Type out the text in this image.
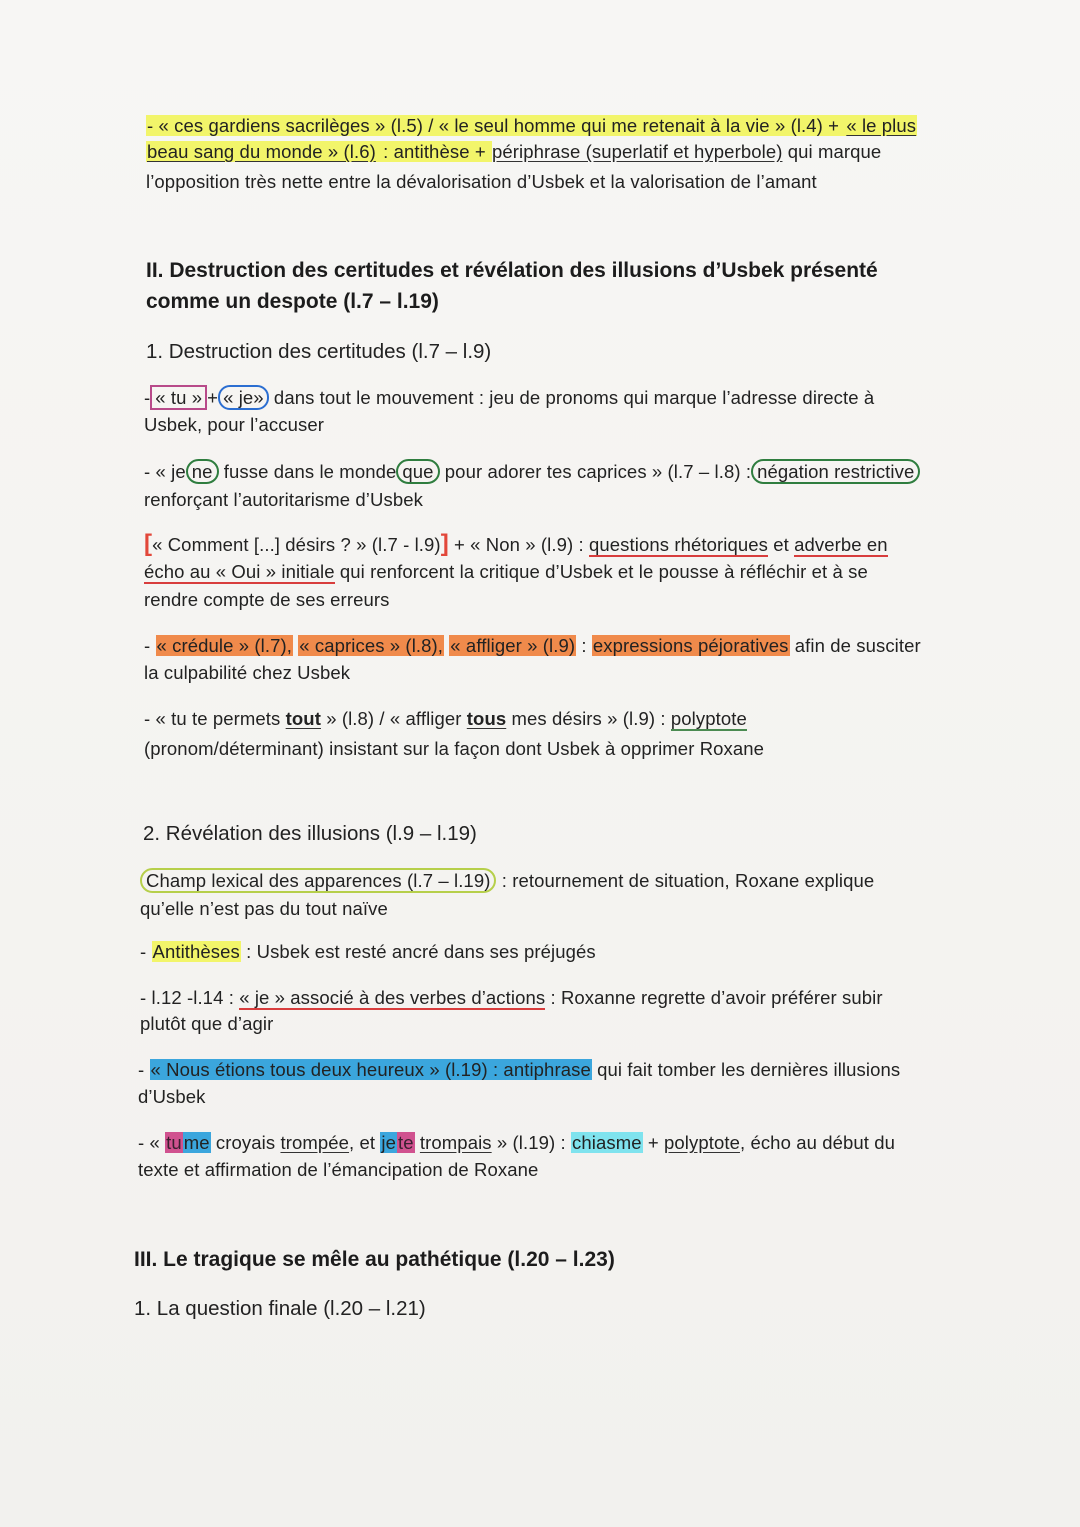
- « ces gardiens sacrilèges » (l.5) / « le seul homme qui me retenait à la vie » (l.4) + « le plus
beau sang du monde » (l.6) : antithèse + périphrase (superlatif et hyperbole) qui marque
l’opposition très nette entre la dévalorisation d’Usbek et la valorisation de l’amant
II. Destruction des certitudes et révélation des illusions d’Usbek présenté
comme un despote (l.7 – l.19)
1. Destruction des certitudes (l.7 – l.9)
- « tu » + « je» dans tout le mouvement : jeu de pronoms qui marque l’adresse directe à
Usbek, pour l’accuser
- « je ne fusse dans le monde que pour adorer tes caprices » (l.7 – l.8) : négation restrictive
renforçant l’autoritarisme d’Usbek
[« Comment [...] désirs ? » (l.7 - l.9)] + « Non » (l.9) : questions rhétoriques et adverbe en
écho au « Oui » initiale qui renforcent la critique d’Usbek et le pousse à réfléchir et à se
rendre compte de ses erreurs
- « crédule » (l.7), « caprices » (l.8), « affliger » (l.9) : expressions péjoratives afin de susciter
la culpabilité chez Usbek
- « tu te permets tout » (l.8) / « affliger tous mes désirs » (l.9) : polyptote
(pronom/déterminant) insistant sur la façon dont Usbek à opprimer Roxane
2. Révélation des illusions (l.9 – l.19)
Champ lexical des apparences (l.7 – l.19) : retournement de situation, Roxane explique
qu’elle n’est pas du tout naïve
- Antithèses : Usbek est resté ancré dans ses préjugés
- l.12 -l.14 : « je » associé à des verbes d’actions : Roxanne regrette d’avoir préférer subir
plutôt que d’agir
- « Nous étions tous deux heureux » (l.19) : antiphrase qui fait tomber les dernières illusions
d’Usbek
- « tu me croyais trompée, et je te trompais » (l.19) : chiasme + polyptote, écho au début du
texte et affirmation de l’émancipation de Roxane
III. Le tragique se mêle au pathétique (l.20 – l.23)
1. La question finale (l.20 – l.21)
